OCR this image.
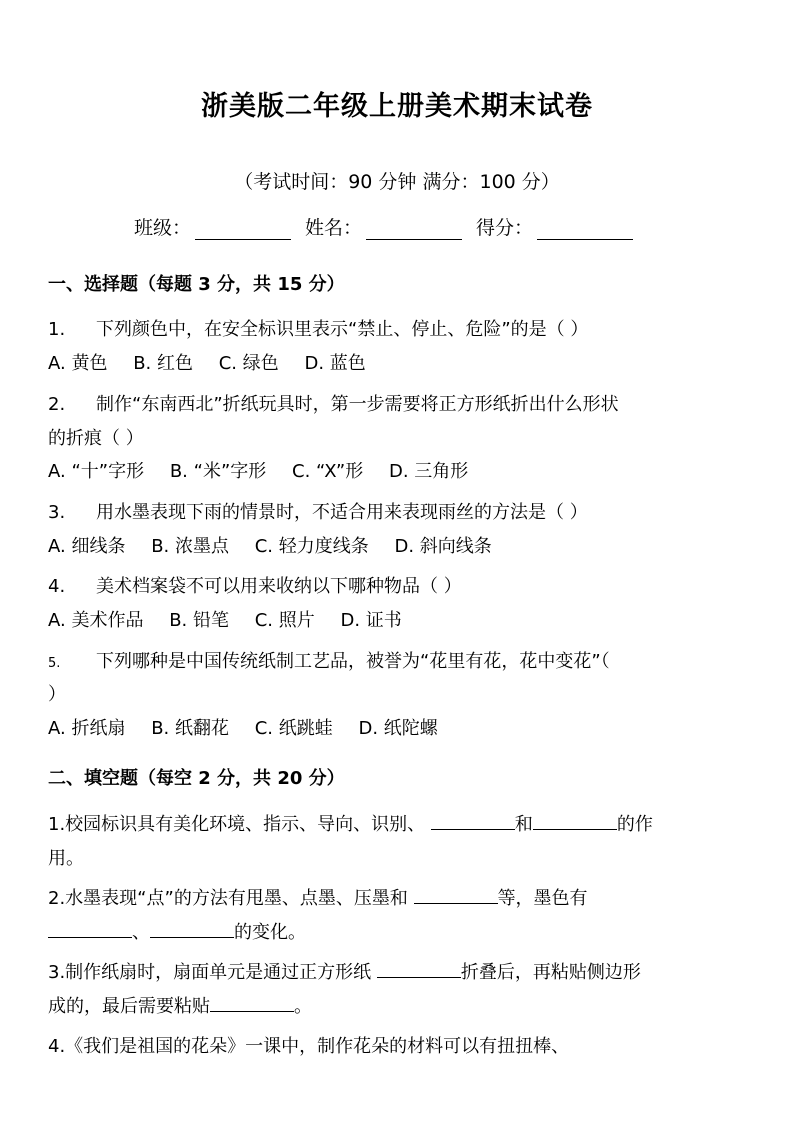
浙美版二年级上册美术期末试卷
（考试时间：90 分钟 满分：100 分）
班级：	姓名：	得分：
一、选择题（每题 3 分，共 15 分）
1. 下列颜色中，在安全标识里表示“禁止、停止、危险”的是（ ）
A. 黄色 B. 红色 C. 绿色 D. 蓝色
2. 制作“东南西北”折纸玩具时，第一步需要将正方形纸折出什么形状
的折痕（ ）
A. “十”字形 B. “米”字形 C. “X”形 D. 三角形
3. 用水墨表现下雨的情景时，不适合用来表现雨丝的方法是（ ）
A. 细线条 B. 浓墨点 C. 轻力度线条 D. 斜向线条
4. 美术档案袋不可以用来收纳以下哪种物品（ ）
A. 美术作品 B. 铅笔 C. 照片 D. 证书
5. 下列哪种是中国传统纸制工艺品，被誉为“花里有花，花中变花”（
）
A. 折纸扇 B. 纸翻花 C. 纸跳蛙 D. 纸陀螺
二、填空题（每空 2 分，共 20 分）
1.校园标识具有美化环境、指示、导向、识别、	和	的作
用。
2.水墨表现“点”的方法有甩墨、点墨、压墨和	等，墨色有
、	的变化。
3.制作纸扇时，扇面单元是通过正方形纸	折叠后，再粘贴侧边形
成的，最后需要粘贴	。
4.《我们是祖国的花朵》一课中，制作花朵的材料可以有扭扭棒、
